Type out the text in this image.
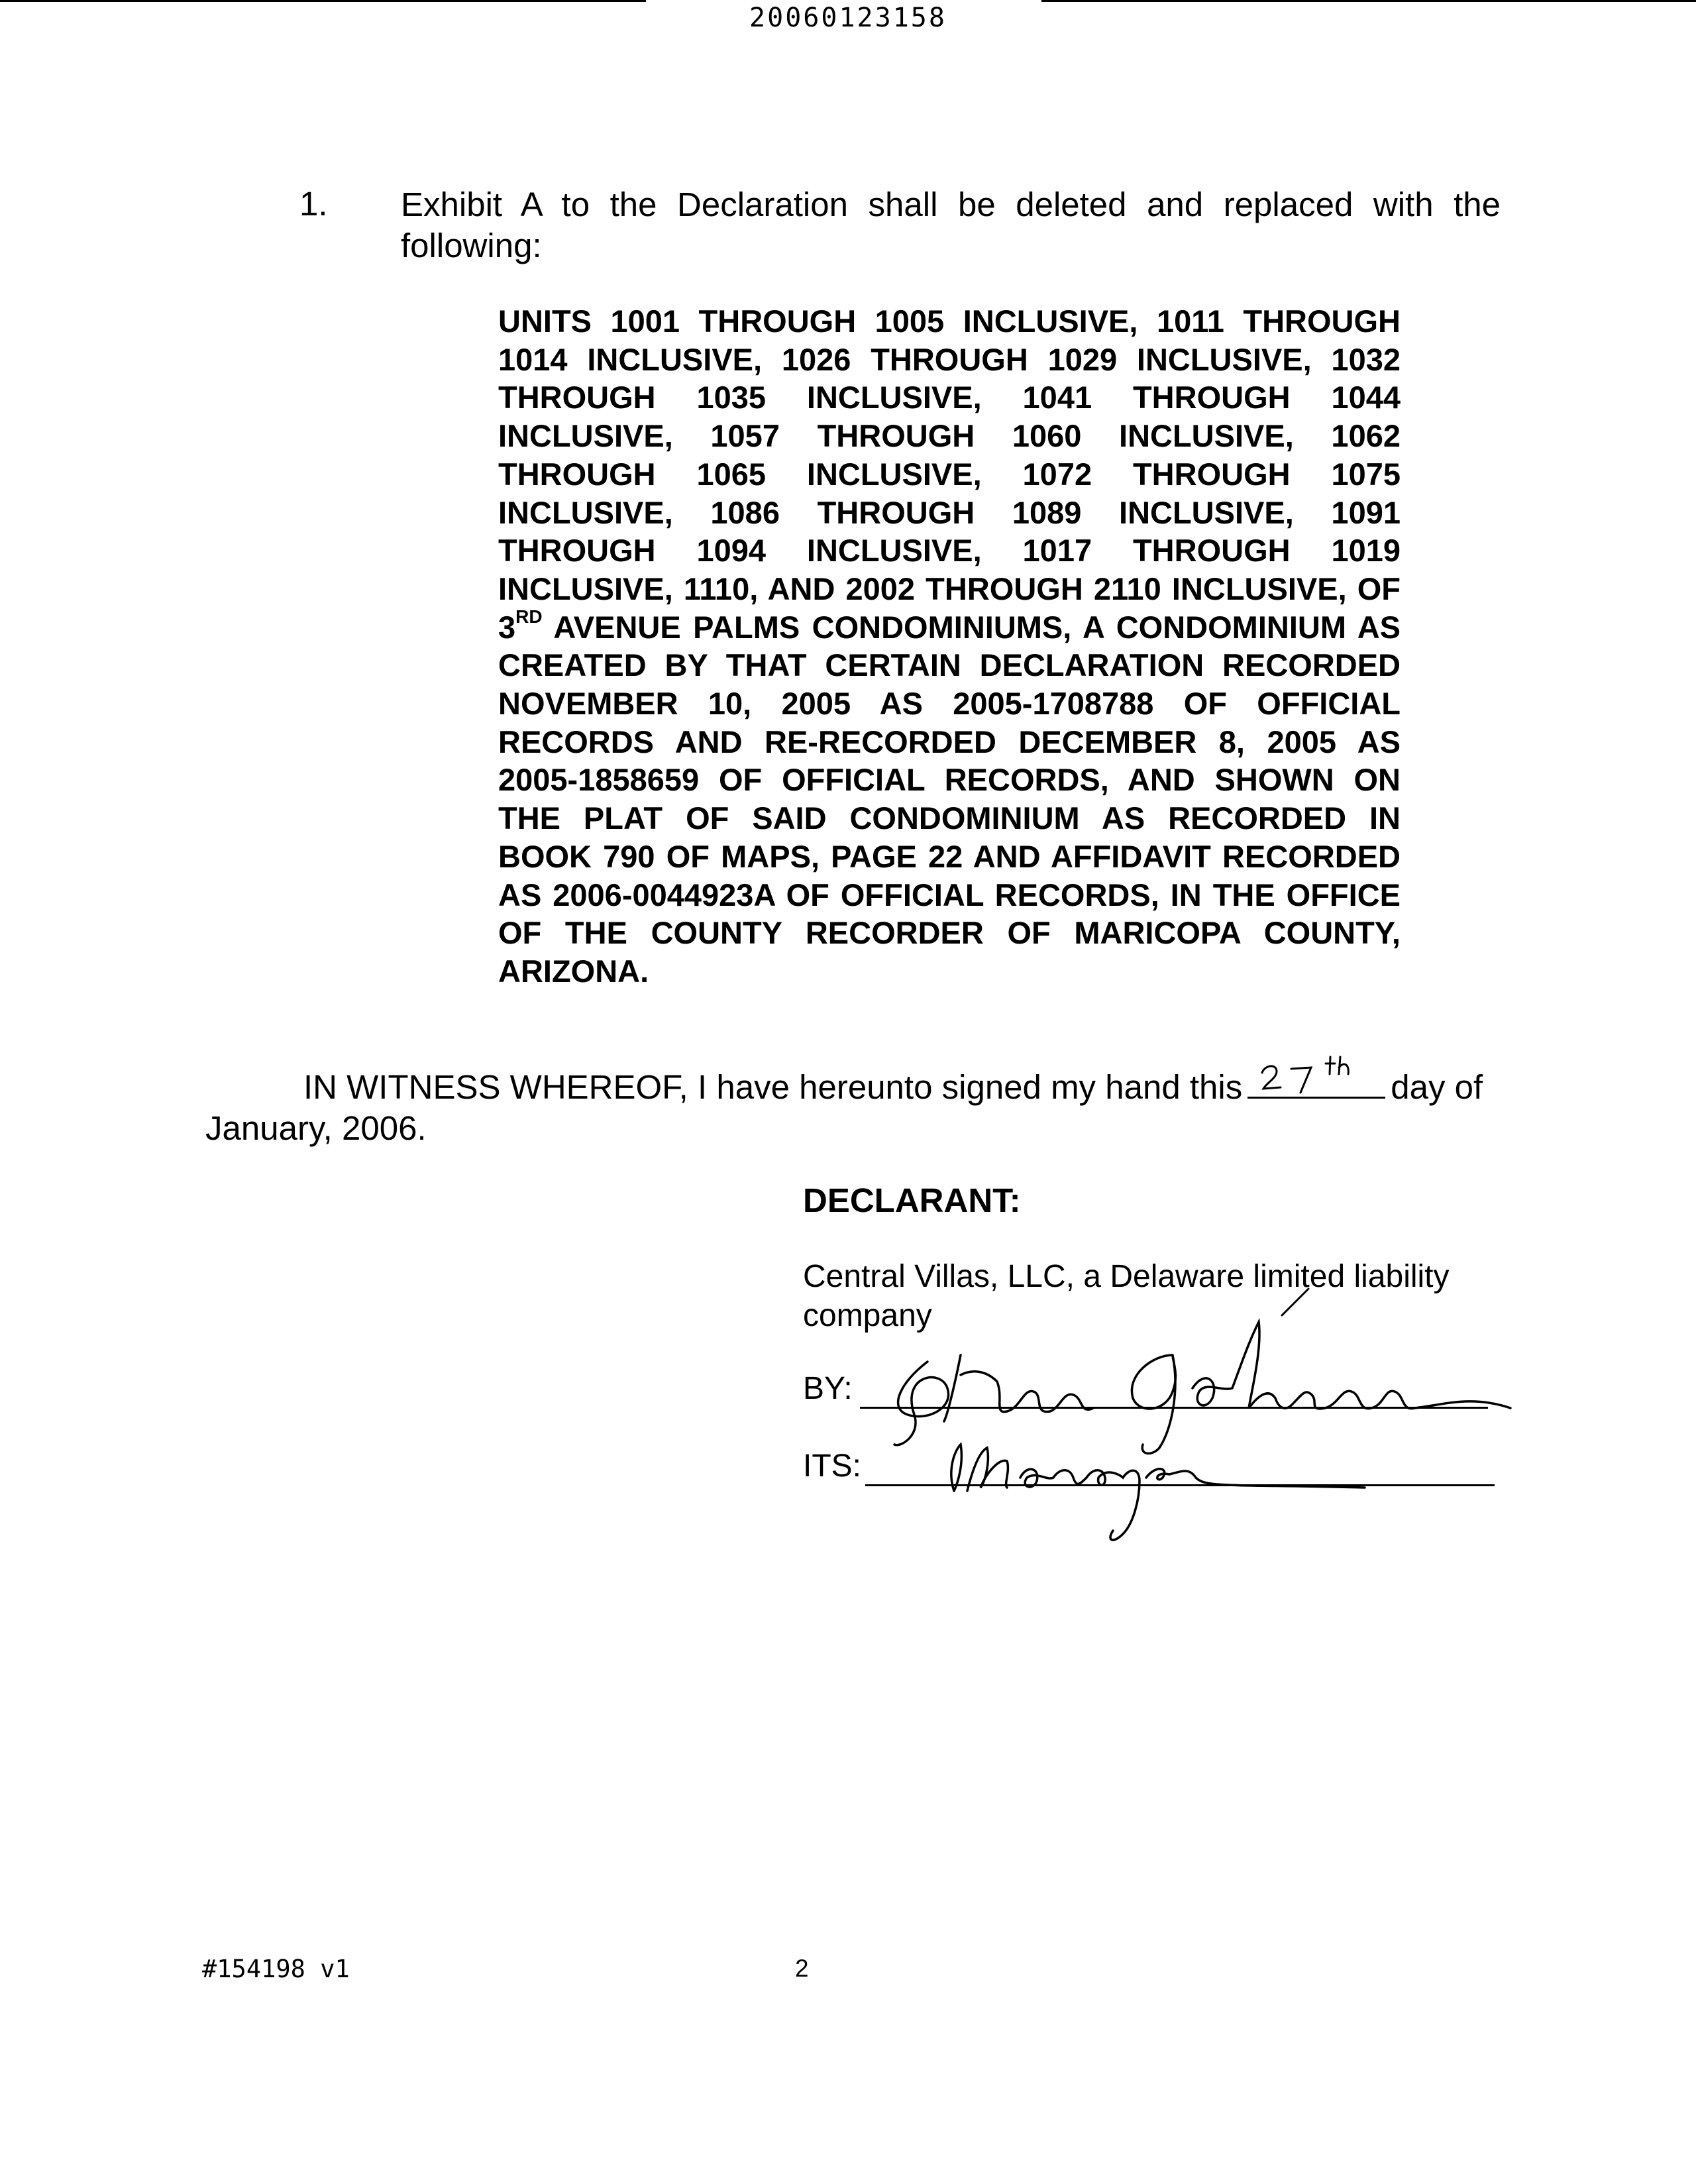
20060123158
1. Exhibit A to the Declaration shall be deleted and replaced with the following:
UNITS 1001 THROUGH 1005 INCLUSIVE, 1011 THROUGH 1014 INCLUSIVE, 1026 THROUGH 1029 INCLUSIVE, 1032 THROUGH 1035 INCLUSIVE, 1041 THROUGH 1044 INCLUSIVE, 1057 THROUGH 1060 INCLUSIVE, 1062 THROUGH 1065 INCLUSIVE, 1072 THROUGH 1075 INCLUSIVE, 1086 THROUGH 1089 INCLUSIVE, 1091 THROUGH 1094 INCLUSIVE, 1017 THROUGH 1019 INCLUSIVE, 1110, AND 2002 THROUGH 2110 INCLUSIVE, OF 3RD AVENUE PALMS CONDOMINIUMS, A CONDOMINIUM AS CREATED BY THAT CERTAIN DECLARATION RECORDED NOVEMBER 10, 2005 AS 2005-1708788 OF OFFICIAL RECORDS AND RE-RECORDED DECEMBER 8, 2005 AS 2005-1858659 OF OFFICIAL RECORDS, AND SHOWN ON THE PLAT OF SAID CONDOMINIUM AS RECORDED IN BOOK 790 OF MAPS, PAGE 22 AND AFFIDAVIT RECORDED AS 2006-0044923A OF OFFICIAL RECORDS, IN THE OFFICE OF THE COUNTY RECORDER OF MARICOPA COUNTY, ARIZONA.
IN WITNESS WHEREOF, I have hereunto signed my hand this	day of January, 2006.
DECLARANT:
Central Villas, LLC, a Delaware limited liability company
BY:
ITS:
#154198 v1	2
